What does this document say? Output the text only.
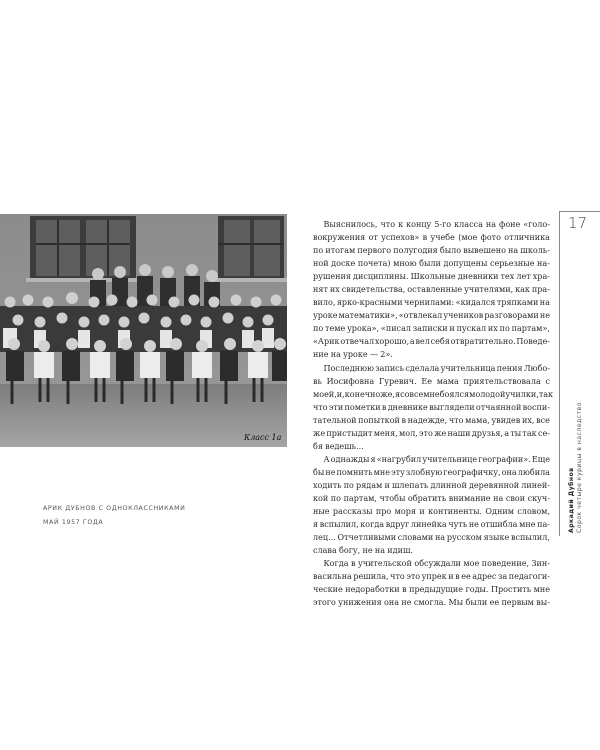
Класс 1а
АРИК ДУБНОВ С ОДНОКЛАССНИКАМИ
МАЙ 1957 ГОДА
Выяснилось, что к концу 5-го класса на фоне «голо-
вокружения от успехов» в учебе (мое фото отличника
по итогам первого полугодия было вывешено на школь-
ной доске почета) мною были допущены серьезные на-
рушения дисциплины. Школьные дневники тех лет хра-
нят их свидетельства, оставленные учителями, как пра-
вило, ярко-красными чернилами: «кидался тряпками на
уроке математики», «отвлекал учеников разговорами не
по теме урока», «писал записки и пускал их по партам»,
«Арик отвечал хорошо, а вел себя отвратительно. Поведе-
ние на уроке — 2».
Последнюю запись сделала учительница пения Любо-
вь Иосифовна Гуревич. Ее мама приятельствовала с
моей, и, конечно же, я совсем не боялся молодой училки, так
что эти пометки в дневнике выглядели отчаянной воспи-
тательной попыткой в надежде, что мама, увидев их, все
же пристыдит меня, мол, это же наши друзья, а ты так се-
бя ведешь...
А однажды я «нагрубил учительнице географии». Еще
бы не помнить мне эту злобную географичку, она любила
ходить по рядам и шлепать длинной деревянной линей-
кой по партам, чтобы обратить внимание на свои скуч-
ные рассказы про моря и континенты. Одним словом,
я вспылил, когда вдруг линейка чуть не отшибла мне па-
лец... Отчетливыми словами на русском языке вспылил,
слава богу, не на идиш.
Когда в учительской обсуждали мое поведение, Зин-
васильна решила, что это упрек и в ее адрес за педагоги-
ческие недоработки в предыдущие годы. Простить мне
этого унижения она не смогла. Мы были ее первым вы-
17
Аркадий Дубнов Сорок четыре курицы в наследство
